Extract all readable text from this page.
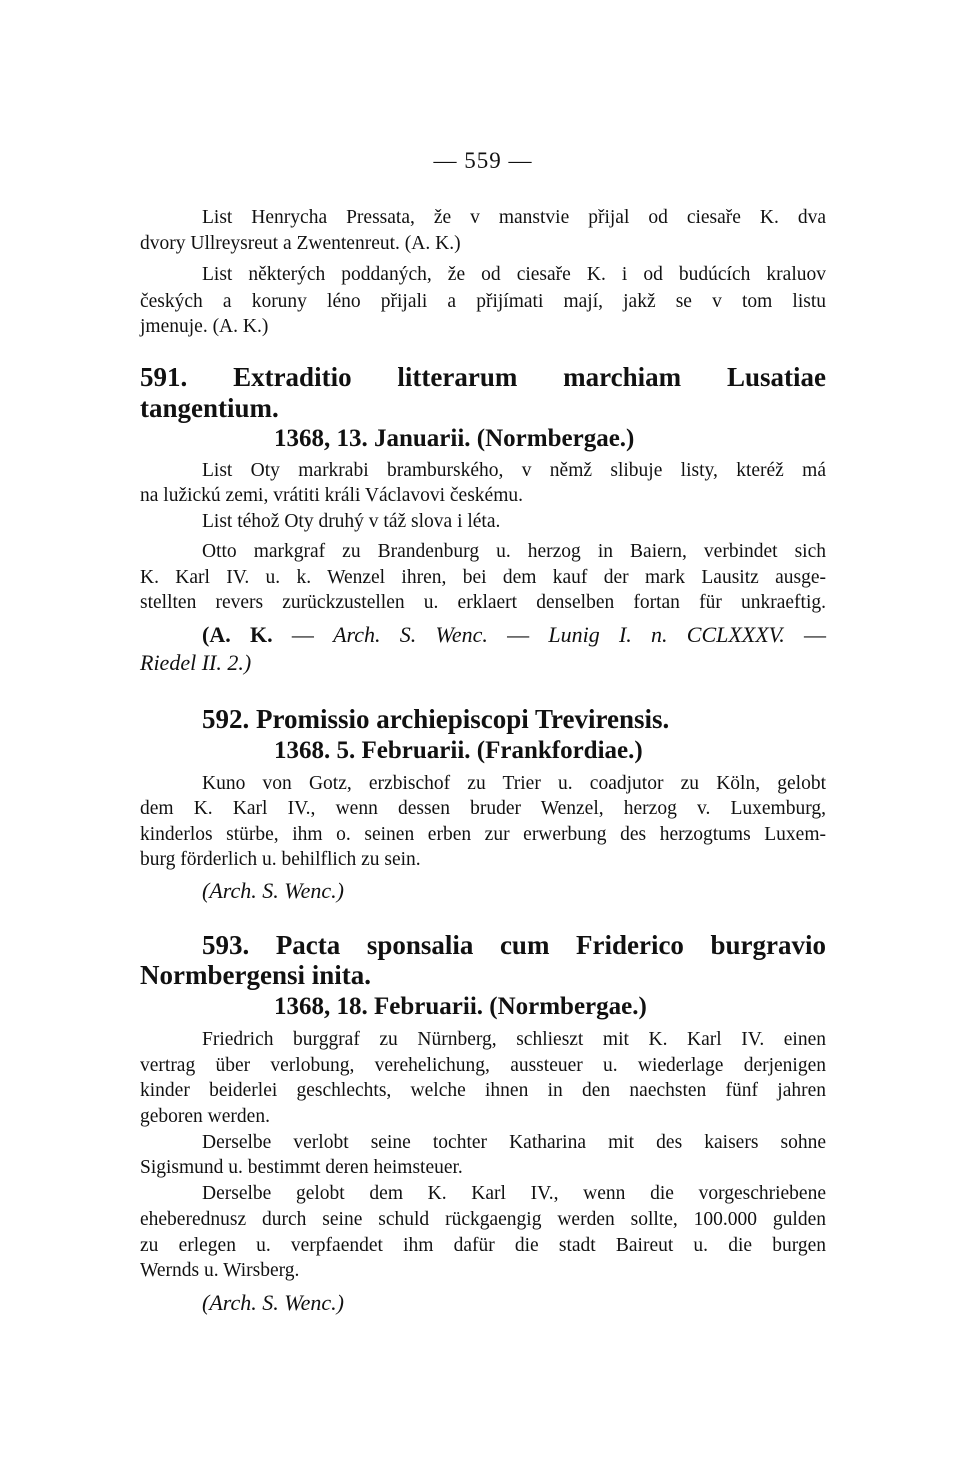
— 559 —
List Henrycha Pressata, že v manstvie přijal od ciesaře K. dva
dvory Ullreysreut a Zwentenreut. (A. K.)
List některých poddaných, že od ciesaře K. i od budúcích kraluov
českých a koruny léno přijali a přijímati mají, jakž se v tom listu
jmenuje. (A. K.)
591. Extraditio litterarum marchiam Lusatiae
tangentium.
1368, 13. Januarii. (Normbergae.)
List Oty markrabi bramburského, v němž slibuje listy, kteréž má
na lužickú zemi, vrátiti králi Václavovi českému.
List téhož Oty druhý v táž slova i léta.
Otto markgraf zu Brandenburg u. herzog in Baiern, verbindet sich
K. Karl IV. u. k. Wenzel ihren, bei dem kauf der mark Lausitz ausge-
stellten revers zurückzustellen u. erklaert denselben fortan für unkraeftig.
(A. K. — Arch. S. Wenc. — Lunig I. n. CCLXXXV. —
Riedel II. 2.)
592. Promissio archiepiscopi Trevirensis.
1368. 5. Februarii. (Frankfordiae.)
Kuno von Gotz, erzbischof zu Trier u. coadjutor zu Köln, gelobt
dem K. Karl IV., wenn dessen bruder Wenzel, herzog v. Luxemburg,
kinderlos stürbe, ihm o. seinen erben zur erwerbung des herzogtums Luxem-
burg förderlich u. behilflich zu sein.
(Arch. S. Wenc.)
593. Pacta sponsalia cum Friderico burgravio
Normbergensi inita.
1368, 18. Februarii. (Normbergae.)
Friedrich burggraf zu Nürnberg, schlieszt mit K. Karl IV. einen
vertrag über verlobung, verehelichung, aussteuer u. wiederlage derjenigen
kinder beiderlei geschlechts, welche ihnen in den naechsten fünf jahren
geboren werden.
Derselbe verlobt seine tochter Katharina mit des kaisers sohne
Sigismund u. bestimmt deren heimsteuer.
Derselbe gelobt dem K. Karl IV., wenn die vorgeschriebene
eheberednusz durch seine schuld rückgaengig werden sollte, 100.000 gulden
zu erlegen u. verpfaendet ihm dafür die stadt Baireut u. die burgen
Wernds u. Wirsberg.
(Arch. S. Wenc.)
